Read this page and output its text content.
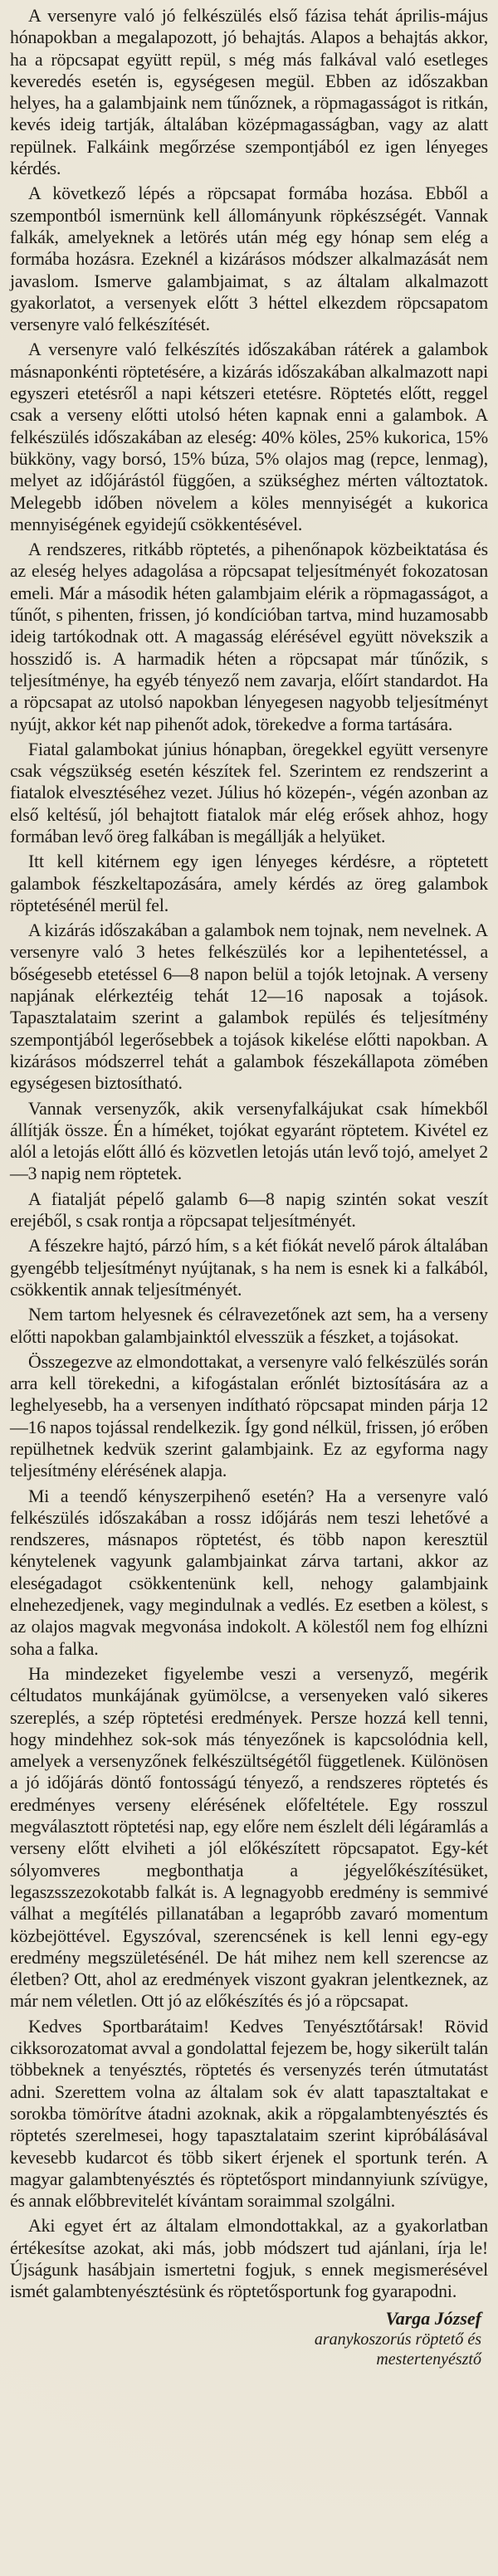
A versenyre való jó felkészülés első fázisa tehát április-május hónapokban a megalapozott, jó behajtás. Alapos a behajtás akkor, ha a röpcsapat együtt repül, s még más falkával való esetleges keveredés esetén is, egységesen megül. Ebben az időszakban helyes, ha a galambjaink nem tűnőznek, a röpmagasságot is ritkán, kevés ideig tartják, általában középmagasságban, vagy az alatt repülnek. Falkáink megőrzése szempontjából ez igen lényeges kérdés.

A következő lépés a röpcsapat formába hozása. Ebből a szempontból ismernünk kell állományunk röpkészségét. Vannak falkák, amelyeknek a letörés után még egy hónap sem elég a formába hozásra. Ezeknél a kizárásos módszer alkalmazását nem javaslom. Ismerve galambjaimat, s az általam alkalmazott gyakorlatot, a versenyek előtt 3 héttel elkezdem röpcsapatom versenyre való felkészítését.

A versenyre való felkészítés időszakában rátérek a galambok másnaponkénti röptetésére, a kizárás időszakában alkalmazott napi egyszeri etetésről a napi kétszeri etetésre. Röptetés előtt, reggel csak a verseny előtti utolsó héten kapnak enni a galambok. A felkészülés időszakában az eleség: 40% köles, 25% kukorica, 15% bükköny, vagy borsó, 15% búza, 5% olajos mag (repce, lenmag), melyet az időjárástól függően, a szükséghez mérten változtatok. Melegebb időben növelem a köles mennyiségét a kukorica mennyiségének egyidejű csökkentésével.

A rendszeres, ritkább röptetés, a pihenőnapok közbeiktatása és az eleség helyes adagolása a röpcsapat teljesítményét fokozatosan emeli. Már a második héten galambjaim elérik a röpmagasságot, a tűnőt, s pihenten, frissen, jó kondícióban tartva, mind huzamosabb ideig tartókodnak ott. A magasság elérésével együtt növekszik a hosszidő is. A harmadik héten a röpcsapat már tűnőzik, s teljesítménye, ha egyéb tényező nem zavarja, előírt standardot. Ha a röpcsapat az utolsó napokban lényegesen nagyobb teljesítményt nyújt, akkor két nap pihenőt adok, törekedve a forma tartására.

Fiatal galambokat június hónapban, öregekkel együtt versenyre csak végszükség esetén készítek fel. Szerintem ez rendszerint a fiatalok elvesztéséhez vezet. Július hó közepén-, végén azonban az első keltésű, jól behajtott fiatalok már elég erősek ahhoz, hogy formában levő öreg falkában is megállják a helyüket.

Itt kell kitérnem egy igen lényeges kérdésre, a röptetett galambok fészkeltapozására, amely kérdés az öreg galambok röptetésénél merül fel.

A kizárás időszakában a galambok nem tojnak, nem nevelnek. A versenyre való 3 hetes felkészülés kor a lepihentetéssel, a bőségesebb etetéssel 6—8 napon belül a tojók letojnak. A verseny napjának elérkeztéig tehát 12—16 naposak a tojások. Tapasztalataim szerint a galambok repülés és teljesítmény szempontjából legerősebbek a tojások kikelése előtti napokban. A kizárásos módszerrel tehát a galambok fészekállapota zömében egységesen biztosítható.

Vannak versenyzők, akik versenyfalkájukat csak hímekből állítják össze. Én a híméket, tojókat egyaránt röptetem. Kivétel ez alól a letojás előtt álló és közvetlen letojás után levő tojó, amelyet 2—3 napig nem röptetek.

A fiatalját pépelő galamb 6—8 napig szintén sokat veszít erejéből, s csak rontja a röpcsapat teljesítményét.

A fészekre hajtó, párzó hím, s a két fiókát nevelő párok általában gyengébb teljesítményt nyújtanak, s ha nem is esnek ki a falkából, csökkentik annak teljesítményét.

Nem tartom helyesnek és célravezetőnek azt sem, ha a verseny előtti napokban galambjainktól elvesszük a fészket, a tojásokat.

Összegezve az elmondottakat, a versenyre való felkészülés során arra kell törekedni, a kifogástalan erőnlét biztosítására az a leghelyesebb, ha a versenyen indítható röpcsapat minden párja 12—16 napos tojással rendelkezik. Így gond nélkül, frissen, jó erőben repülhetnek kedvük szerint galambjaink. Ez az egyforma nagy teljesítmény elérésének alapja.

Mi a teendő kényszerpihenő esetén? Ha a versenyre való felkészülés időszakában a rossz időjárás nem teszi lehetővé a rendszeres, másnapos röptetést, és több napon keresztül kénytelenek vagyunk galambjainkat zárva tartani, akkor az eleségadagot csökkentenünk kell, nehogy galambjaink elnehezedjenek, vagy megindulnak a vedlés. Ez esetben a kölest, s az olajos magvak megvonása indokolt. A kölestől nem fog elhízni soha a falka.

Ha mindezeket figyelembe veszi a versenyző, megérik céltudatos munkájának gyümölcse, a versenyeken való sikeres szereplés, a szép röptetési eredmények. Persze hozzá kell tenni, hogy mindehhez sok-sok más tényezőnek is kapcsolódnia kell, amelyek a versenyzőnek felkészültségétől függetlenek. Különösen a jó időjárás döntő fontosságú tényező, a rendszeres röptetés és eredményes verseny elérésének előfeltétele. Egy rosszul megválasztott röptetési nap, egy előre nem észlelt déli légáramlás a verseny előtt elviheti a jól előkészített röpcsapatot. Egy-két sólyomveres megbonthatja a jégyelőkészítésüket, legaszsszezokotabb falkát is. A legnagyobb eredmény is semmivé válhat a megítélés pillanatában a legapróbb zavaró momentum közbejöttével. Egyszóval, szerencsének is kell lenni egy-egy eredmény megszületésénél. De hát mihez nem kell szerencse az életben? Ott, ahol az eredmények viszont gyakran jelentkeznek, az már nem véletlen. Ott jó az előkészítés és jó a röpcsapat.

Kedves Sportbarátaim! Kedves Tenyésztőtársak! Rövid cikksorozatomat avval a gondolattal fejezem be, hogy sikerült talán többeknek a tenyésztés, röptetés és versenyzés terén útmutatást adni. Szerettem volna az általam sok év alatt tapasztaltakat e sorokba tömörítve átadni azoknak, akik a röpgalambtenyésztés és röptetés szerelmesei, hogy tapasztalataim szerint kipróbálásával kevesebb kudarcot és több sikert érjenek el sportunk terén. A magyar galambtenyésztés és röptetősport mindannyiunk szívügye, és annak előbbrevitelét kívántam soraimmal szolgálni.

Aki egyet ért az általam elmondottakkal, az a gyakorlatban értékesítse azokat, aki más, jobb módszert tud ajánlani, írja le! Újságunk hasábjain ismertetni fogjuk, s ennek megismerésével ismét galambtenyésztésünk és röptetősportunk fog gyarapodni.

Varga József
aranykoszorús röptető és
mestertenyésztő
